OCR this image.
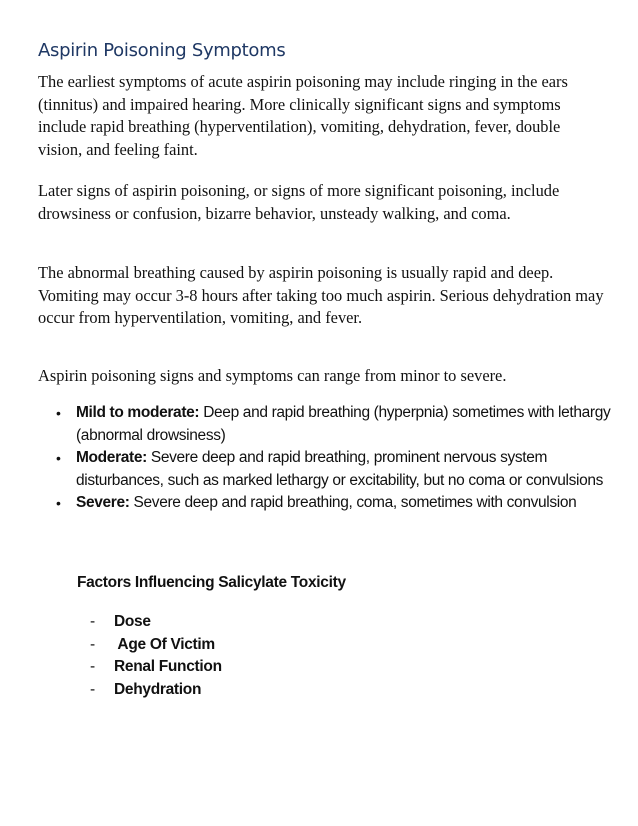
Aspirin Poisoning Symptoms

The earliest symptoms of acute aspirin poisoning may include ringing in the ears (tinnitus) and impaired hearing. More clinically significant signs and symptoms include rapid breathing (hyperventilation), vomiting, dehydration, fever, double vision, and feeling faint.

Later signs of aspirin poisoning, or signs of more significant poisoning, include drowsiness or confusion, bizarre behavior, unsteady walking, and coma.

The abnormal breathing caused by aspirin poisoning is usually rapid and deep. Vomiting may occur 3-8 hours after taking too much aspirin. Serious dehydration may occur from hyperventilation, vomiting, and fever.

Aspirin poisoning signs and symptoms can range from minor to severe.

• Mild to moderate: Deep and rapid breathing (hyperpnia) sometimes with lethargy (abnormal drowsiness)
• Moderate: Severe deep and rapid breathing, prominent nervous system disturbances, such as marked lethargy or excitability, but no coma or convulsions
• Severe: Severe deep and rapid breathing, coma, sometimes with convulsion
Factors Influencing Salicylate Toxicity
- Dose
- Age Of Victim
- Renal Function
- Dehydration
